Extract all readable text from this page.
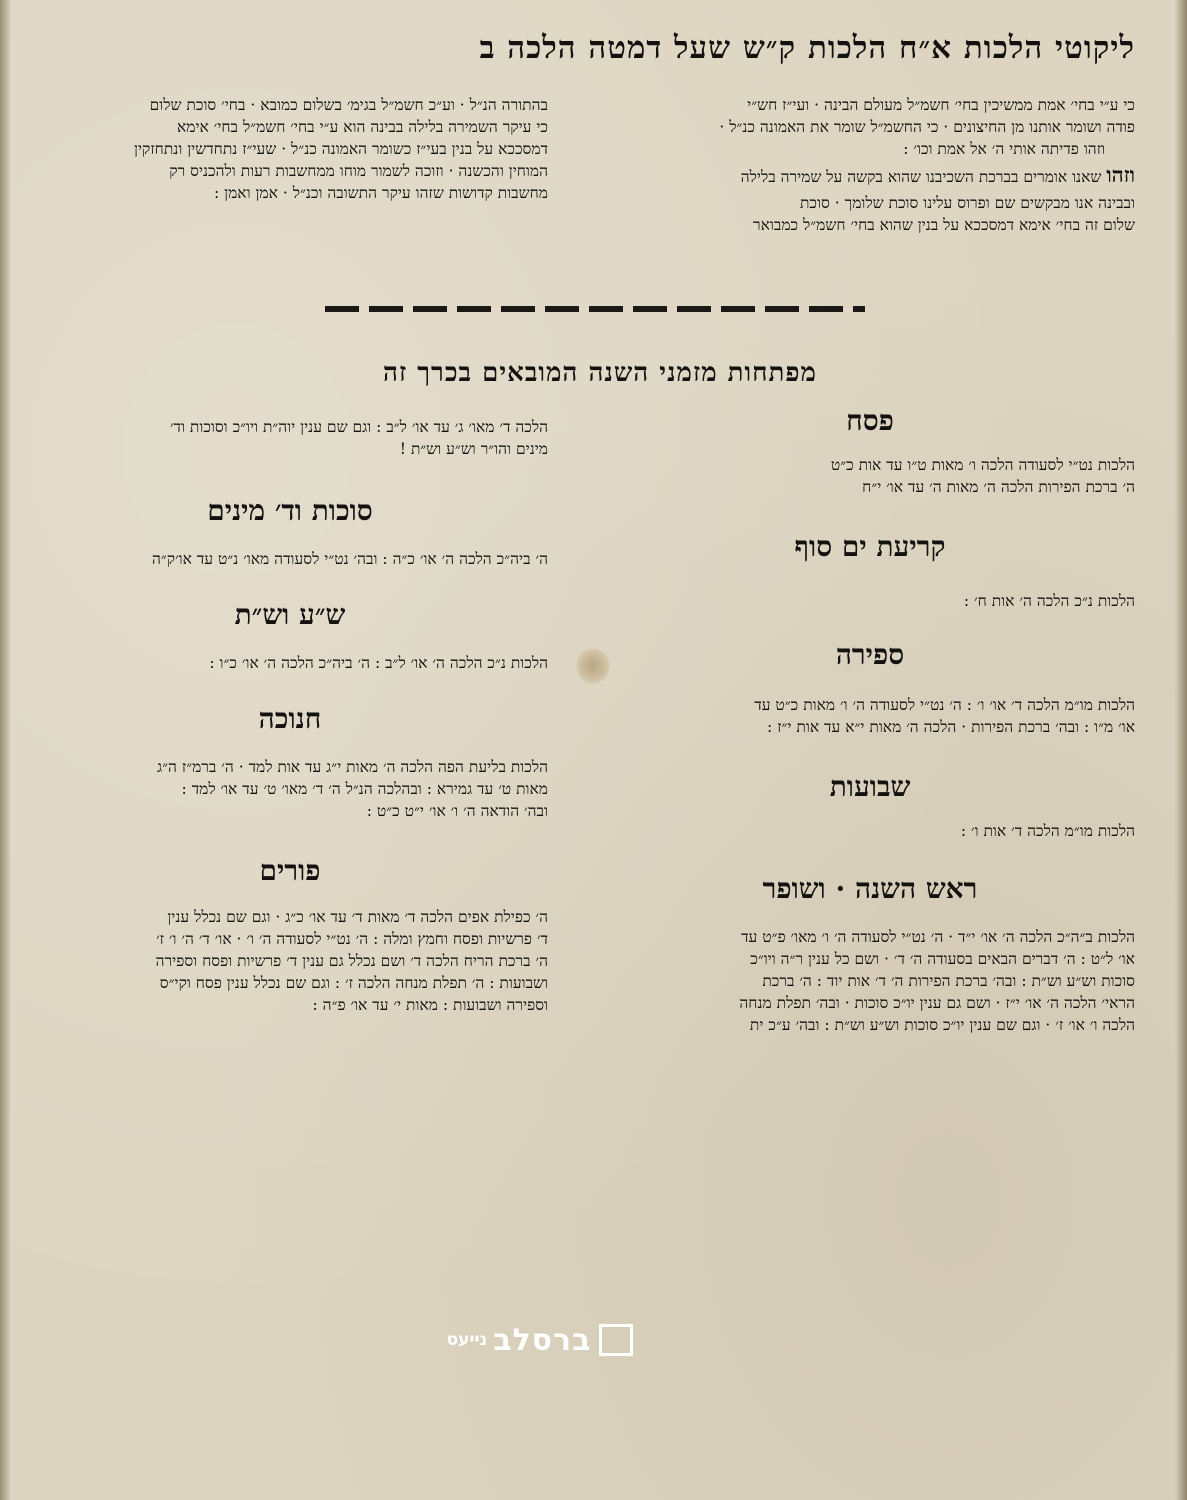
ליקוטי הלכות א״ח הלכות ק״ש שעל דמטה הלכה ב
כי ע״י בחי׳ אמת ממשיכין בחי׳ חשמ״ל מעולם הבינה · ועי״ז חש״י
פודה ושומר אותנו מן החיצונים · כי החשמ״ל שומר את האמונה כנ״ל ·
וזהו פדיתה אותי ה׳ אל אמת וכו׳ :
וזהו שאנו אומרים בברכת השכיבנו שהוא בקשה על שמירה בלילה
ובבינה אנו מבקשים שם ופרוס עלינו סוכת שלומך · סוכת
שלום זה בחי׳ אימא דמסככא על בנין שהוא בחי׳ חשמ״ל כמבואר
בהתורה הנ״ל · וע״כ חשמ״ל בגימ׳ בשלום כמובא · בחי׳ סוכת שלום
כי עיקר השמירה בלילה בבינה הוא ע״י בחי׳ חשמ״ל בחי׳ אימא
דמסככא על בנין בעי״ז כשומר האמונה כנ״ל · שעי״ז נתחדשין ונתחזקין
המוחין והכשנה · וזוכה לשמור מוחו ממחשבות רעות ולהכניס רק
מחשבות קדושות שזהו עיקר התשובה וכנ״ל · אמן ואמן :
מפתחות מזמני השנה המובאים בכרך זה
פסח
הלכות נט״י לסעודה הלכה ו׳ מאות ט״ו עד אות כ״ט
ה׳ ברכת הפירות הלכה ה׳ מאות ה׳ עד או׳ י״ח
קריעת ים סוף
הלכות נ״כ הלכה ה׳ אות ח׳ :
ספירה
הלכות מו״מ הלכה ד׳ או׳ ו׳ : ה׳ נט״י לסעודה ה׳ ו׳ מאות כ״ט עד
או׳ מ״ו : ובה׳ ברכת הפירות · הלכה ה׳ מאות י״א עד אות י״ז :
שבועות
הלכות מו״מ הלכה ד׳ אות ו׳ :
ראש השנה · ושופר
הלכות ב״ה״כ הלכה ה׳ או׳ י״ד · ה׳ נט״י לסעודה ה׳ ו׳ מאו׳ פ״ט עד
או׳ ל״ט : ה׳ דברים הבאים בסעודה ה׳ ד׳ · ושם כל ענין ר״ה ויו״כ
סוכות וש״ע וש״ת : ובה׳ ברכת הפירות ה׳ ד׳ אות יוד : ה׳ ברכת
הראי׳ הלכה ה׳ או׳ י״ז · ושם גם ענין יו״כ סוכות · ובה׳ תפלת מנחה
הלכה ו׳ או׳ ז׳ · וגם שם ענין יו״כ סוכות וש״ע וש״ת : ובה׳ ע״כ ית
הלכה ד׳ מאו׳ ג׳ עד או׳ ל״ב : וגם שם ענין יוה״ת ויו״כ וסוכות וד׳
מינים והו״ר וש״ע וש״ת !
סוכות וד׳ מינים
ה׳ ביה״כ הלכה ה׳ או׳ כ״ה : ובה׳ נט״י לסעודה מאו׳ נ״ט עד או׳ק״ה
ש״ע וש״ת
הלכות נ״כ הלכה ה׳ או׳ ל״ב : ה׳ ביה״כ הלכה ה׳ או׳ כ״ו :
חנוכה
הלכות בליעת הפה הלכה ה׳ מאות י״ג עד אות למד · ה׳ ברמ״ז ה״ג
מאות ט׳ עד גמירא : ובהלכה הנ״ל ה׳ ד׳ מאו׳ ט׳ עד או׳ למד :
ובה׳ הודאה ה׳ ו׳ או׳ י״ט כ״ט :
פורים
ה׳ כפילת אפים הלכה ד׳ מאות ד׳ עד או׳ כ״ג · וגם שם נכלל ענין
ד׳ פרשיות ופסח וחמץ ומלה : ה׳ נט״י לסעודה ה׳ ו׳ · או׳ ד׳ ה׳ ו׳ ז׳
ה׳ ברכת הריח הלכה ד׳ ושם נכלל גם ענין ד׳ פרשיות ופסח וספירה
ושבועות : ה׳ תפלת מנחה הלכה ז׳ : וגם שם נכלל ענין פסח וקי״ס
וספירה ושבועות : מאות י׳ עד או׳ פ״ה :
ברסלב
נייעס
